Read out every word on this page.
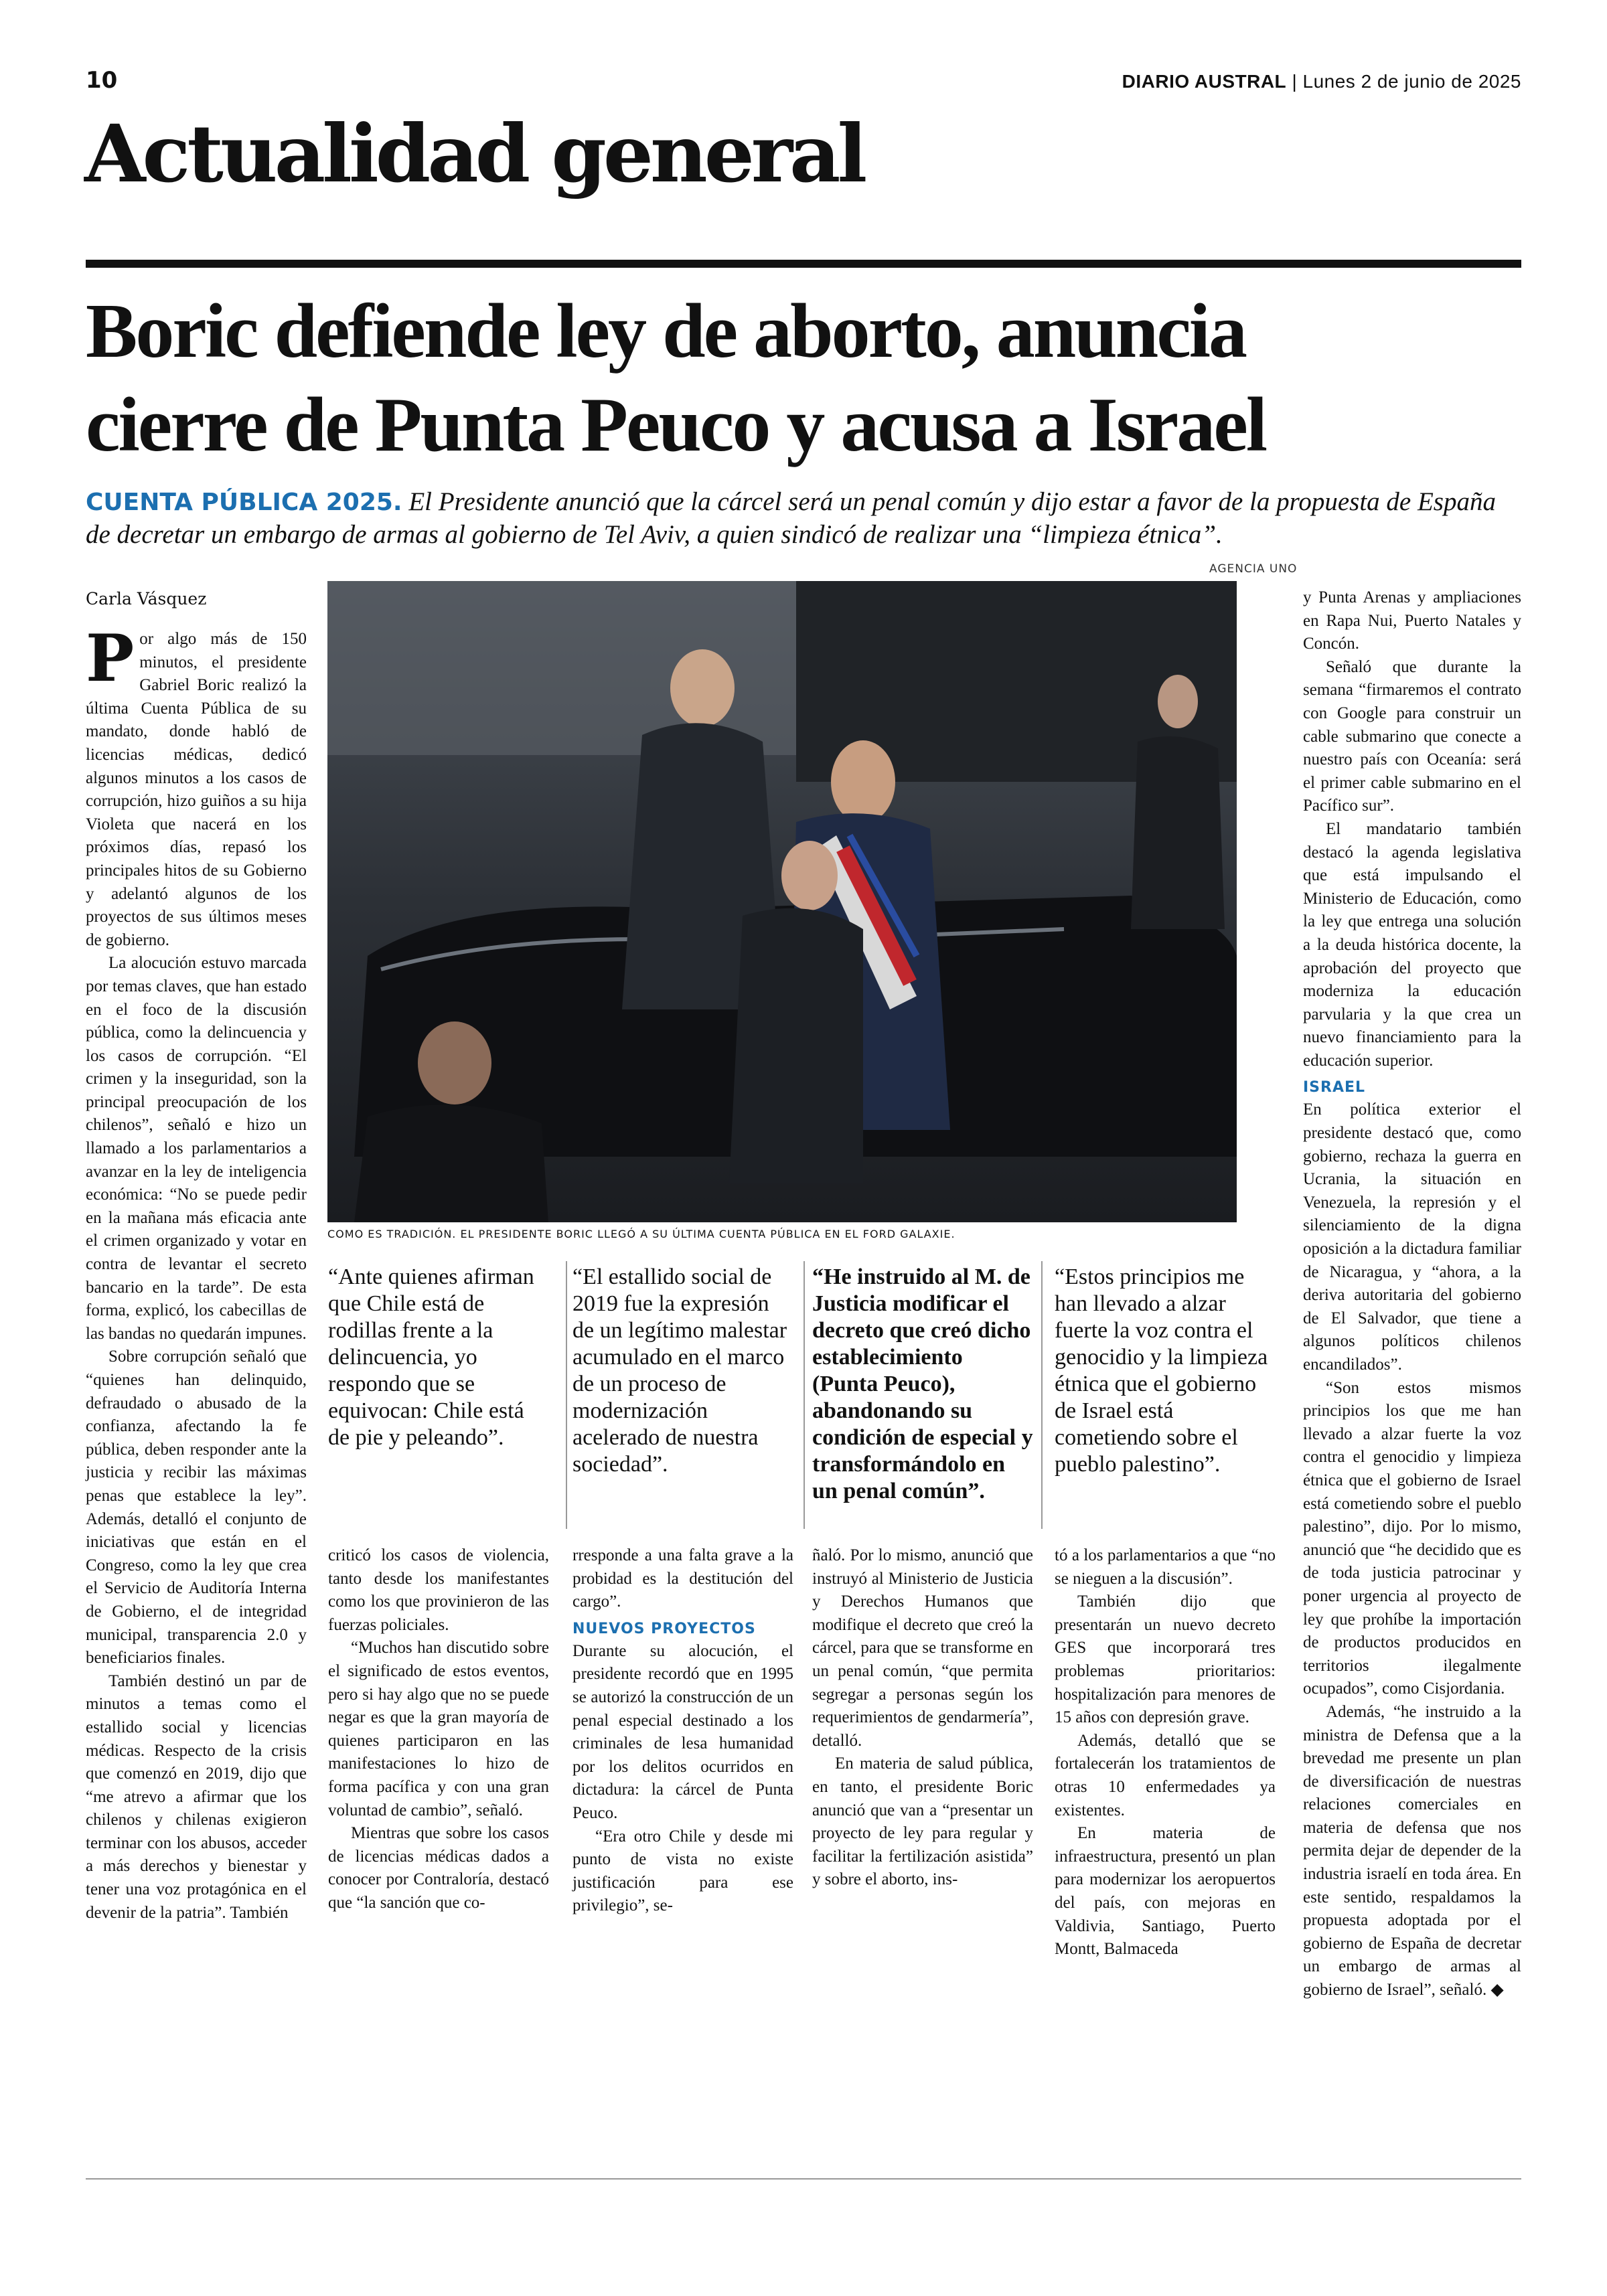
10	DIARIO AUSTRAL | Lunes 2 de junio de 2025
Actualidad general
Boric defiende ley de aborto, anuncia
cierre de Punta Peuco y acusa a Israel
CUENTA PÚBLICA 2025. El Presidente anunció que la cárcel será un penal común y dijo estar a favor de la propuesta de España de decretar un embargo de armas al gobierno de Tel Aviv, a quien sindicó de realizar una “limpieza étnica”.
Carla Vásquez
AGENCIA UNO
COMO ES TRADICIÓN. EL PRESIDENTE BORIC LLEGÓ A SU ÚLTIMA CUENTA PÚBLICA EN EL FORD GALAXIE.

Por algo más de 150 minutos, el presidente Gabriel Boric realizó la última Cuenta Pública de su mandato, donde habló de licencias médicas, dedicó algunos minutos a los casos de corrupción, hizo guiños a su hija Violeta que nacerá en los próximos días, repasó los principales hitos de su Gobierno y adelantó algunos de los proyectos de sus últimos meses de gobierno.

La alocución estuvo marcada por temas claves, que han estado en el foco de la discusión pública, como la delincuencia y los casos de corrupción. “El crimen y la inseguridad, son la principal preocupación de los chilenos”, señaló e hizo un llamado a los parlamentarios a avanzar en la ley de inteligencia económica: “No se puede pedir en la mañana más eficacia ante el crimen organizado y votar en contra de levantar el secreto bancario en la tarde”. De esta forma, explicó, los cabecillas de las bandas no quedarán impunes.

Sobre corrupción señaló que “quienes han delinquido, defraudado o abusado de la confianza, afectando la fe pública, deben responder ante la justicia y recibir las máximas penas que establece la ley”. Además, detalló el conjunto de iniciativas que están en el Congreso, como la ley que crea el Servicio de Auditoría Interna de Gobierno, el de integridad municipal, transparencia 2.0 y beneficiarios finales.

También destinó un par de minutos a temas como el estallido social y licencias médicas. Respecto de la crisis que comenzó en 2019, dijo que “me atrevo a afirmar que los chilenos y chilenas exigieron terminar con los abusos, acceder a más derechos y bienestar y tener una voz protagónica en el devenir de la patria”. También

“Ante quienes afirman que Chile está de rodillas frente a la delincuencia, yo respondo que se equivocan: Chile está de pie y peleando”.
“El estallido social de 2019 fue la expresión de un legítimo malestar acumulado en el marco de un proceso de modernización acelerado de nuestra sociedad”.
“He instruido al M. de Justicia modificar el decreto que creó dicho establecimiento (Punta Peuco), abandonando su condición de especial y transformándolo en un penal común”.
“Estos principios me han llevado a alzar fuerte la voz contra el genocidio y la limpieza étnica que el gobierno de Israel está cometiendo sobre el pueblo palestino”.

criticó los casos de violencia, tanto desde los manifestantes como los que provinieron de las fuerzas policiales.

“Muchos han discutido sobre el significado de estos eventos, pero si hay algo que no se puede negar es que la gran mayoría de quienes participaron en las manifestaciones lo hizo de forma pacífica y con una gran voluntad de cambio”, señaló.

Mientras que sobre los casos de licencias médicas dados a conocer por Contraloría, destacó que “la sanción que co-

rresponde a una falta grave a la probidad es la destitución del cargo”.

NUEVOS PROYECTOS

Durante su alocución, el presidente recordó que en 1995 se autorizó la construcción de un penal especial destinado a los criminales de lesa humanidad por los delitos ocurridos en dictadura: la cárcel de Punta Peuco.

“Era otro Chile y desde mi punto de vista no existe justificación para ese privilegio”, se-

ñaló. Por lo mismo, anunció que instruyó al Ministerio de Justicia y Derechos Humanos que modifique el decreto que creó la cárcel, para que se transforme en un penal común, “que permita segregar a personas según los requerimientos de gendarmería”, detalló.

En materia de salud pública, en tanto, el presidente Boric anunció que van a “presentar un proyecto de ley para regular y facilitar la fertilización asistida” y sobre el aborto, ins-

tó a los parlamentarios a que “no se nieguen a la discusión”.

También dijo que presentarán un nuevo decreto GES que incorporará tres problemas prioritarios: hospitalización para menores de 15 años con depresión grave.

Además, detalló que se fortalecerán los tratamientos de otras 10 enfermedades ya existentes.

En materia de infraestructura, presentó un plan para modernizar los aeropuertos del país, con mejoras en Valdivia, Santiago, Puerto Montt, Balmaceda

y Punta Arenas y ampliaciones en Rapa Nui, Puerto Natales y Concón.

Señaló que durante la semana “firmaremos el contrato con Google para construir un cable submarino que conecte a nuestro país con Oceanía: será el primer cable submarino en el Pacífico sur”.

El mandatario también destacó la agenda legislativa que está impulsando el Ministerio de Educación, como la ley que entrega una solución a la deuda histórica docente, la aprobación del proyecto que moderniza la educación parvularia y la que crea un nuevo financiamiento para la educación superior.

ISRAEL

En política exterior el presidente destacó que, como gobierno, rechaza la guerra en Ucrania, la situación en Venezuela, la represión y el silenciamiento de la digna oposición a la dictadura familiar de Nicaragua, y “ahora, a la deriva autoritaria del gobierno de El Salvador, que tiene a algunos políticos chilenos encandilados”.

“Son estos mismos principios los que me han llevado a alzar fuerte la voz contra el genocidio y limpieza étnica que el gobierno de Israel está cometiendo sobre el pueblo palestino”, dijo. Por lo mismo, anunció que “he decidido que es de toda justicia patrocinar y poner urgencia al proyecto de ley que prohíbe la importación de productos producidos en territorios ilegalmente ocupados”, como Cisjordania.

Además, “he instruido a la ministra de Defensa que a la brevedad me presente un plan de diversificación de nuestras relaciones comerciales en materia de defensa que nos permita dejar de depender de la industria israelí en toda área. En este sentido, respaldamos la propuesta adoptada por el gobierno de España de decretar un embargo de armas al gobierno de Israel”, señaló. ◆
